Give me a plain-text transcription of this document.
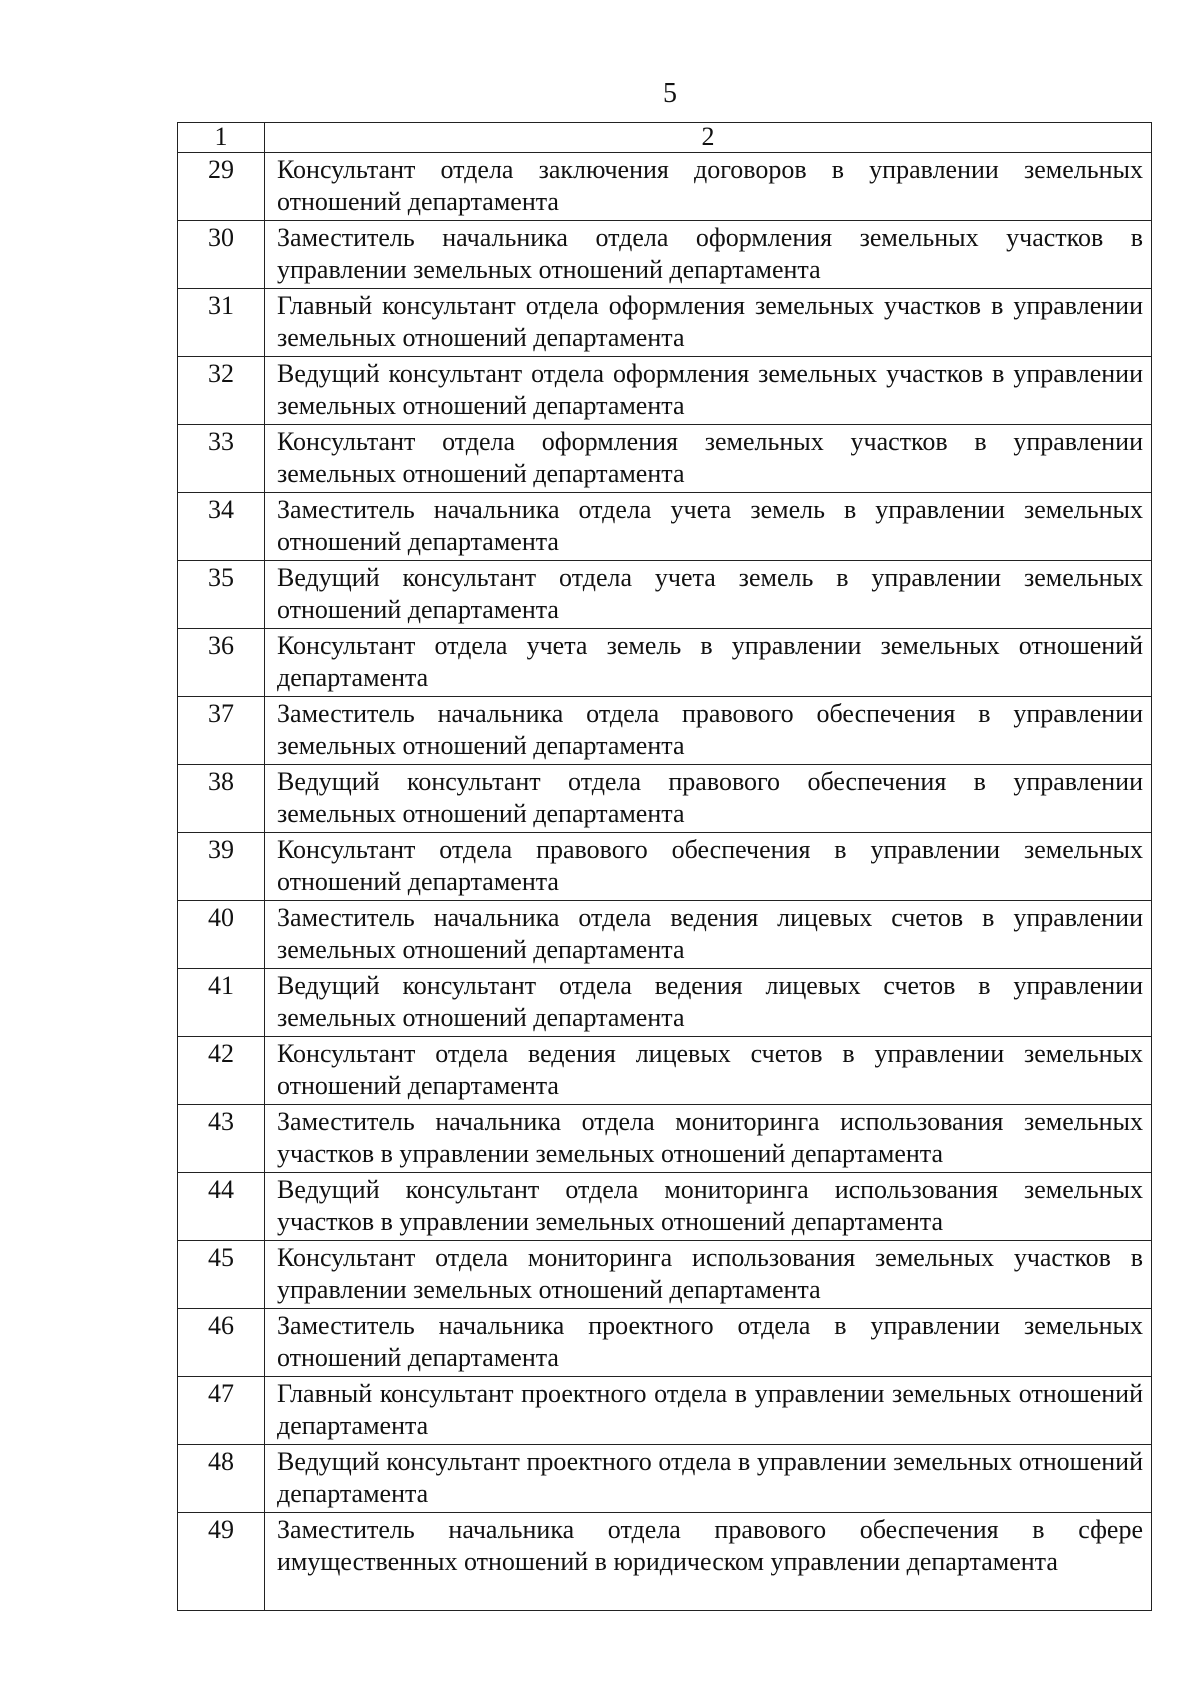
5
1	2
29	Консультант отдела заключения договоров в управлении земельных отношений департамента
30	Заместитель начальника отдела оформления земельных участков в управлении земельных отношений департамента
31	Главный консультант отдела оформления земельных участков в управлении земельных отношений департамента
32	Ведущий консультант отдела оформления земельных участков в управлении земельных отношений департамента
33	Консультант отдела оформления земельных участков в управлении земельных отношений департамента
34	Заместитель начальника отдела учета земель в управлении земельных отношений департамента
35	Ведущий консультант отдела учета земель в управлении земельных отношений департамента
36	Консультант отдела учета земель в управлении земельных отношений департамента
37	Заместитель начальника отдела правового обеспечения в управлении земельных отношений департамента
38	Ведущий консультант отдела правового обеспечения в управлении земельных отношений департамента
39	Консультант отдела правового обеспечения в управлении земельных отношений департамента
40	Заместитель начальника отдела ведения лицевых счетов в управлении земельных отношений департамента
41	Ведущий консультант отдела ведения лицевых счетов в управлении земельных отношений департамента
42	Консультант отдела ведения лицевых счетов в управлении земельных отношений департамента
43	Заместитель начальника отдела мониторинга использования земельных участков в управлении земельных отношений департамента
44	Ведущий консультант отдела мониторинга использования земельных участков в управлении земельных отношений департамента
45	Консультант отдела мониторинга использования земельных участков в управлении земельных отношений департамента
46	Заместитель начальника проектного отдела в управлении земельных отношений департамента
47	Главный консультант проектного отдела в управлении земельных отношений департамента
48	Ведущий консультант проектного отдела в управлении земельных отношений департамента
49	Заместитель начальника отдела правового обеспечения в сфере имущественных отношений в юридическом управлении департамента
